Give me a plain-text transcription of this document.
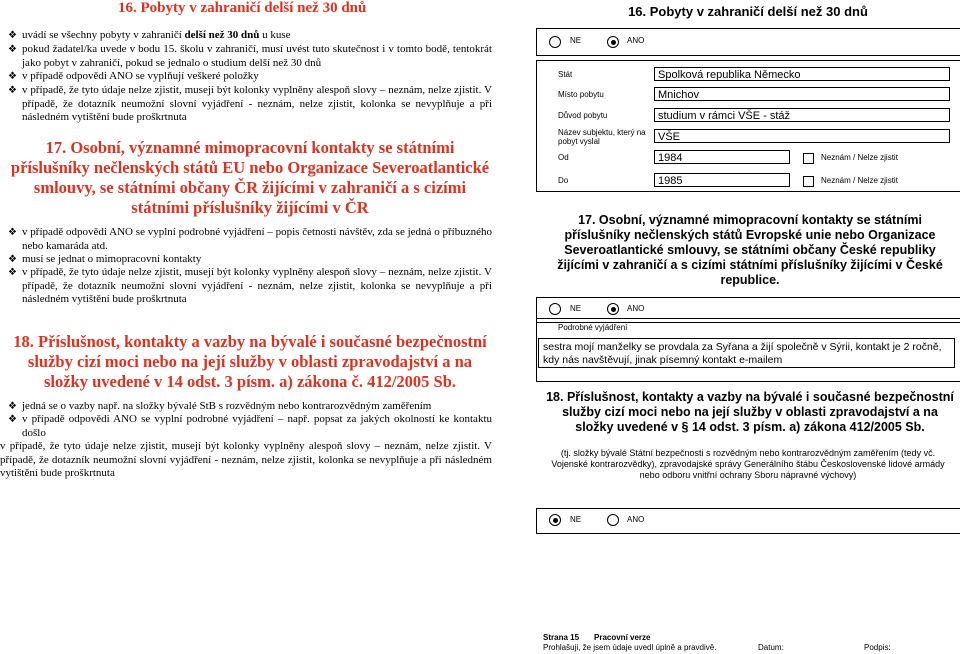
16. Pobyty v zahraničí delší než 30 dnů
❖ uvádí se všechny pobyty v zahraničí delší než 30 dnů u kuse
❖ pokud žadatel/ka uvede v bodu 15. školu v zahraničí, musí uvést tuto skutečnost i v tomto bodě, tentokrát jako pobyt v zahraničí, pokud se jednalo o studium delší než 30 dnů
❖ v případě odpovědi ANO se vyplňují veškeré položky
❖ v případě, že tyto údaje nelze zjistit, musejí být kolonky vyplněny alespoň slovy – neznám, nelze zjistit. V případě, že dotazník neumožní slovní vyjádření - neznám, nelze zjistit, kolonka se nevyplňuje a při následném vytištění bude proškrtnuta
17. Osobní, významné mimopracovní kontakty se státními příslušníky nečlenských států EU nebo Organizace Severoatlantické smlouvy, se státními občany ČR žijícími v zahraničí a s cizími státními příslušníky žijícími v ČR
❖ v případě odpovědi ANO se vyplní podrobné vyjádření – popis četnosti návštěv, zda se jedná o příbuzného nebo kamaráda atd.
❖ musí se jednat o mimopracovní kontakty
❖ v případě, že tyto údaje nelze zjistit, musejí být kolonky vyplněny alespoň slovy – neznám, nelze zjistit. V případě, že dotazník neumožní slovní vyjádření - neznám, nelze zjistit, kolonka se nevyplňuje a při následném vytištění bude proškrtnuta
18. Příslušnost, kontakty a vazby na bývalé i současné bezpečnostní služby cizí moci nebo na její služby v oblasti zpravodajství a na složky uvedené v 14 odst. 3 písm. a) zákona č. 412/2005 Sb.
❖ jedná se o vazby např. na složky bývalé StB s rozvědným nebo kontrarozvědným zaměřením
❖ v případě odpovědi ANO se vyplní podrobné vyjádření – např. popsat za jakých okolností ke kontaktu došlo
v případě, že tyto údaje nelze zjistit, musejí být kolonky vyplněny alespoň slovy – neznám, nelze zjistit. V případě, že dotazník neumožní slovní vyjádření - neznám, nelze zjistit, kolonka se nevyplňuje a při následném vytištění bude proškrtnuta
16. Pobyty v zahraničí delší než 30 dnů
NE	ANO
Stát	Spolková republika Německo
Místo pobytu	Mnichov
Důvod pobytu	studium v rámci VŠE - stáž
Název subjektu, který na pobyt vyslal	VŠE
Od	1984	Neznám / Nelze zjistit
Do	1985	Neznám / Nelze zjistit
17. Osobní, významné mimopracovní kontakty se státními příslušníky nečlenských států Evropské unie nebo Organizace Severoatlantické smlouvy, se státními občany České republiky žijícími v zahraničí a s cizími státními příslušníky žijícími v České republice.
NE	ANO
Podrobné vyjádření
sestra mojí manželky se provdala za Syřana a žijí společně v Sýrii, kontakt je 2 ročně, kdy nás navštěvují, jinak písemný kontakt e-mailem
18. Příslušnost, kontakty a vazby na bývalé i současné bezpečnostní služby cizí moci nebo na její služby v oblasti zpravodajství a na složky uvedené v § 14 odst. 3 písm. a) zákona 412/2005 Sb.
(tj. složky bývalé Státní bezpečnosti s rozvědným nebo kontrarozvědným zaměřením (tedy vč. Vojenské kontrarozvědky), zpravodajské správy Generálního štábu Československé lidové armády nebo odboru vnitřní ochrany Sboru nápravné výchovy)
NE	ANO
Strana 15 Pracovní verze
Prohlašuji, že jsem údaje uvedl úplně a pravdivě.	Datum:	Podpis:
